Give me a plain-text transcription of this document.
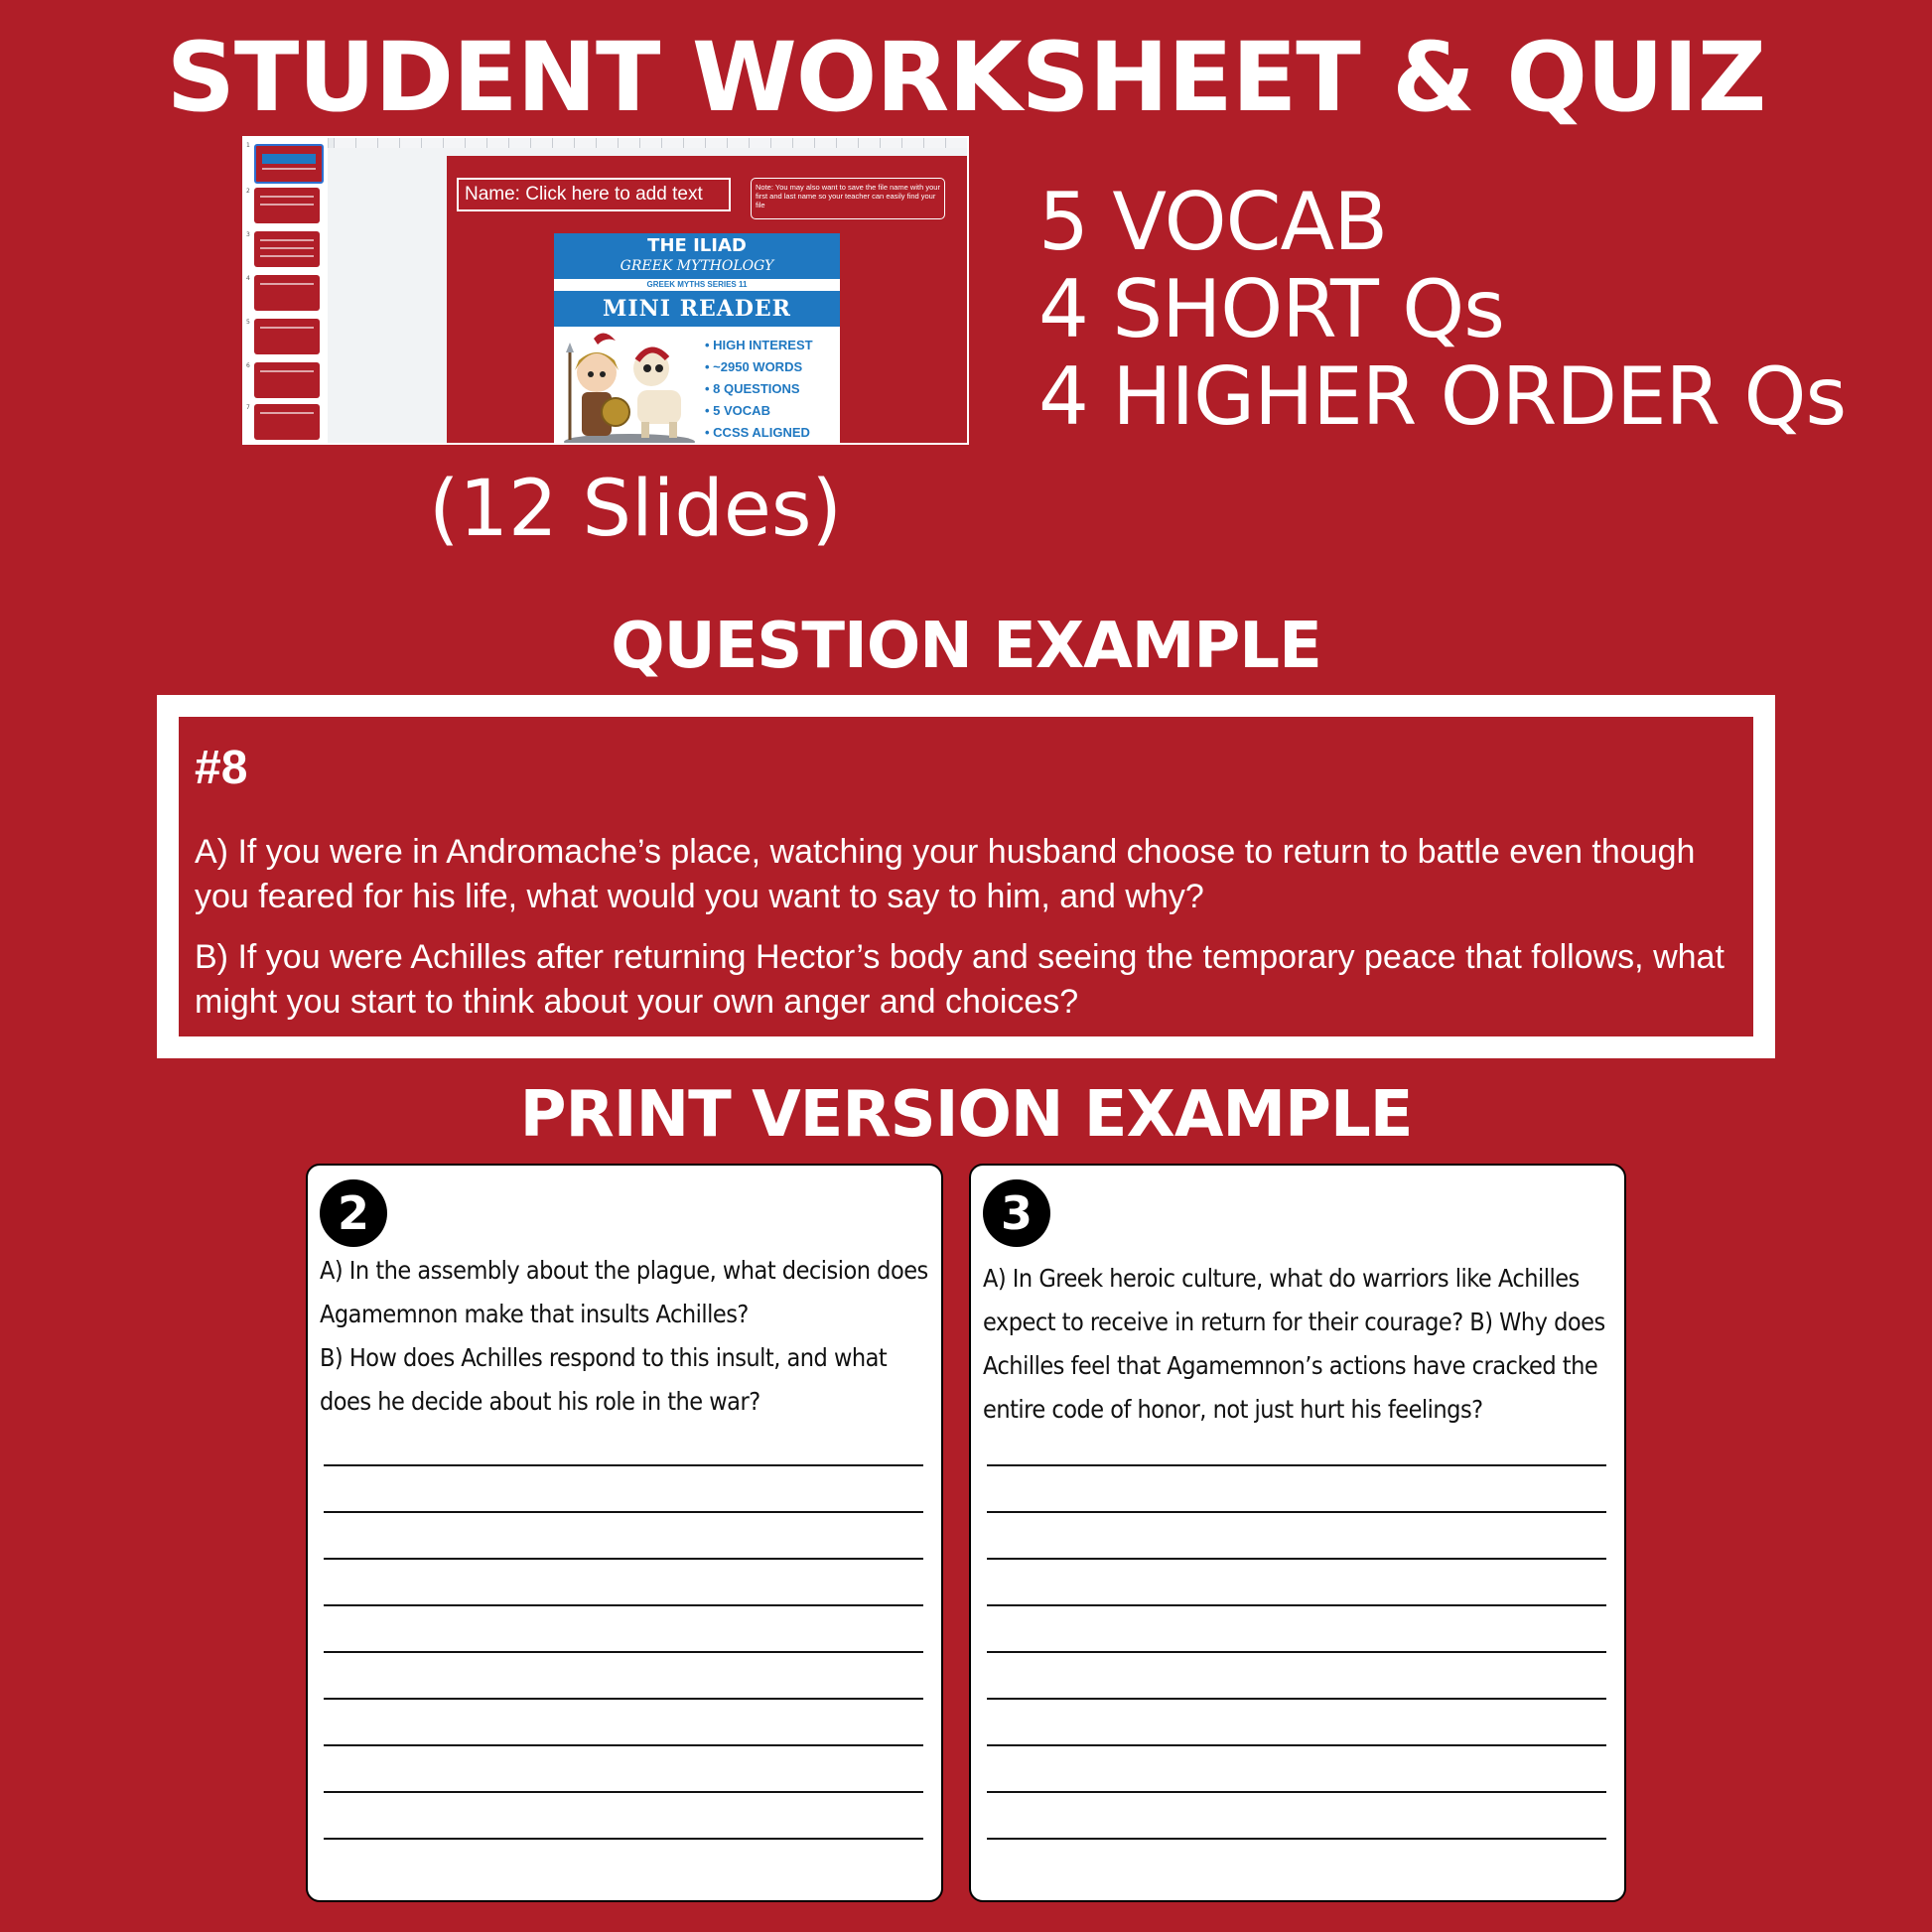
STUDENT WORKSHEET & QUIZ
1
2
3
4
5
6
7
Name: Click here to add text	Note: You may also want to save the file name with your first and last name so your teacher can easily find your file
THE ILIAD
GREEK MYTHOLOGY
GREEK MYTHS SERIES 11
MINI READER
• HIGH INTEREST
• ~2950 WORDS
• 8 QUESTIONS
• 5 VOCAB
• CCSS ALIGNED
(12 Slides)
5 VOCAB
4 SHORT Qs
4 HIGHER ORDER Qs
QUESTION EXAMPLE
#8
A) If you were in Andromache’s place, watching your husband choose to return to battle even though you feared for his life, what would you want to say to him, and why?
B) If you were Achilles after returning Hector’s body and seeing the temporary peace that follows, what might you start to think about your own anger and choices?
PRINT VERSION EXAMPLE
2
A) In the assembly about the plague, what decision does Agamemnon make that insults Achilles?
B) How does Achilles respond to this insult, and what does he decide about his role in the war?
3
A) In Greek heroic culture, what do warriors like Achilles expect to receive in return for their courage? B) Why does Achilles feel that Agamemnon’s actions have cracked the entire code of honor, not just hurt his feelings?
